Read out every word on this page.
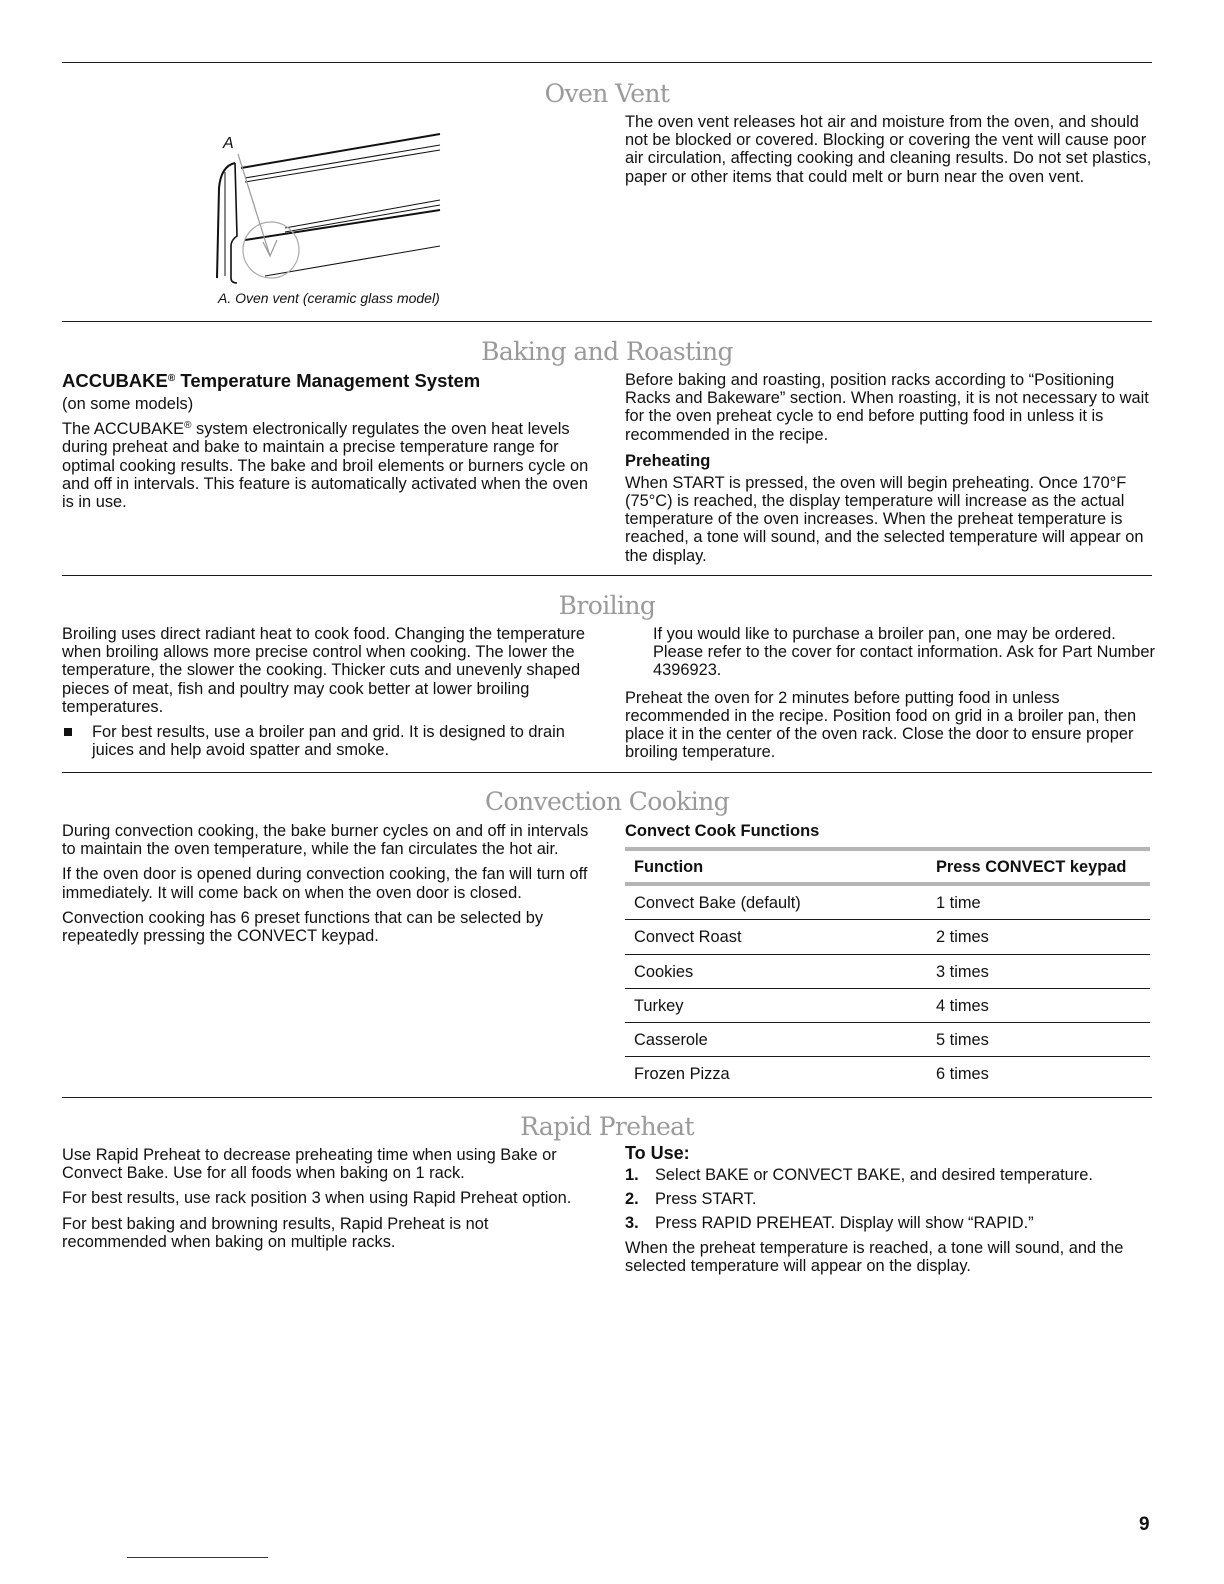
Oven Vent
A
A. Oven vent (ceramic glass model)

The oven vent releases hot air and moisture from the oven, and should not be blocked or covered. Blocking or covering the vent will cause poor air circulation, affecting cooking and cleaning results. Do not set plastics, paper or other items that could melt or burn near the oven vent.

Baking and Roasting
ACCUBAKE® Temperature Management System

(on some models)

The ACCUBAKE® system electronically regulates the oven heat levels during preheat and bake to maintain a precise temperature range for optimal cooking results. The bake and broil elements or burners cycle on and off in intervals. This feature is automatically activated when the oven is in use.

Before baking and roasting, position racks according to “Positioning Racks and Bakeware” section. When roasting, it is not necessary to wait for the oven preheat cycle to end before putting food in unless it is recommended in the recipe.

Preheating

When START is pressed, the oven will begin preheating. Once 170°F (75°C) is reached, the display temperature will increase as the actual temperature of the oven increases. When the preheat temperature is reached, a tone will sound, and the selected temperature will appear on the display.

Broiling

Broiling uses direct radiant heat to cook food. Changing the temperature when broiling allows more precise control when cooking. The lower the temperature, the slower the cooking. Thicker cuts and unevenly shaped pieces of meat, fish and poultry may cook better at lower broiling temperatures.

For best results, use a broiler pan and grid. It is designed to drain juices and help avoid spatter and smoke.

If you would like to purchase a broiler pan, one may be ordered. Please refer to the cover for contact information. Ask for Part Number 4396923.

Preheat the oven for 2 minutes before putting food in unless recommended in the recipe. Position food on grid in a broiler pan, then place it in the center of the oven rack. Close the door to ensure proper broiling temperature.

Convection Cooking

During convection cooking, the bake burner cycles on and off in intervals to maintain the oven temperature, while the fan circulates the hot air.

If the oven door is opened during convection cooking, the fan will turn off immediately. It will come back on when the oven door is closed.

Convection cooking has 6 preset functions that can be selected by repeatedly pressing the CONVECT keypad.

Convect Cook Functions
Function	Press CONVECT keypad
Convect Bake (default)	1 time
Convect Roast	2 times
Cookies	3 times
Turkey	4 times
Casserole	5 times
Frozen Pizza	6 times
Rapid Preheat

Use Rapid Preheat to decrease preheating time when using Bake or Convect Bake. Use for all foods when baking on 1 rack.

For best results, use rack position 3 when using Rapid Preheat option.

For best baking and browning results, Rapid Preheat is not recommended when baking on multiple racks.

To Use:
1. Select BAKE or CONVECT BAKE, and desired temperature.
2. Press START.
3. Press RAPID PREHEAT. Display will show “RAPID.”

When the preheat temperature is reached, a tone will sound, and the selected temperature will appear on the display.

9
